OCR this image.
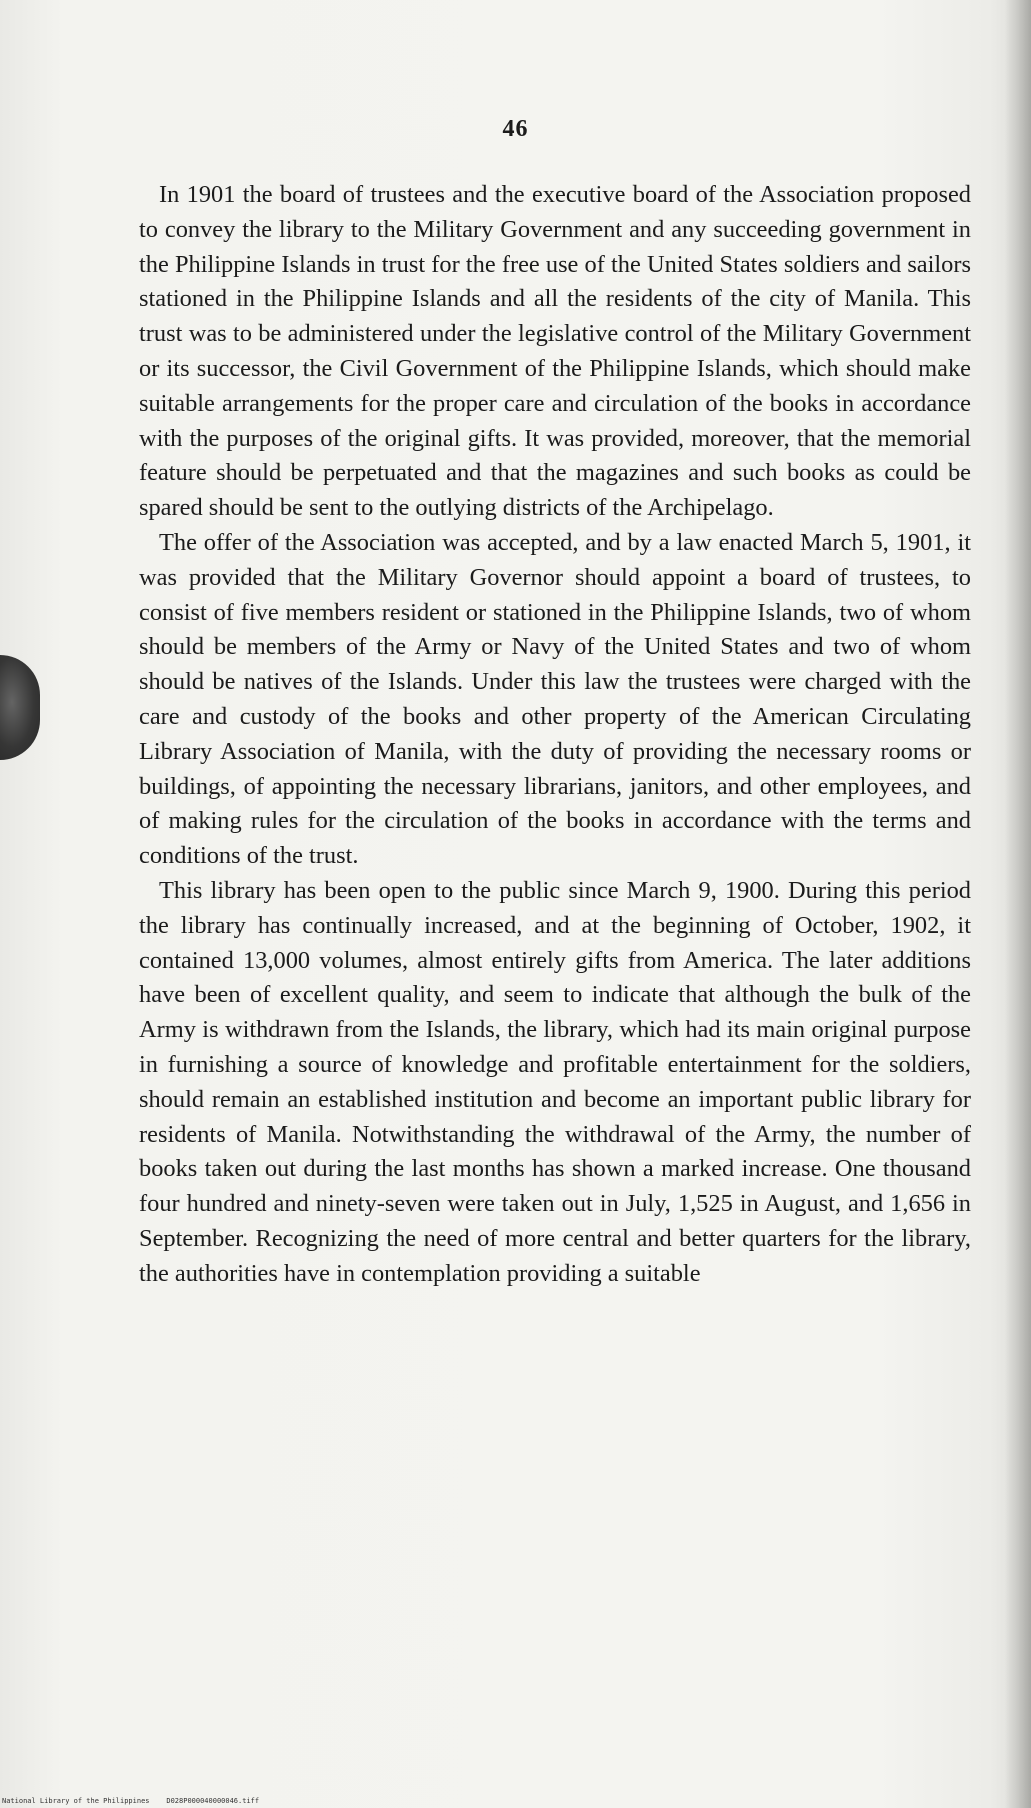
46

In 1901 the board of trustees and the executive board of the Association proposed to convey the library to the Military Government and any succeeding government in the Philippine Islands in trust for the free use of the United States soldiers and sailors stationed in the Philippine Islands and all the residents of the city of Manila. This trust was to be administered under the legislative control of the Military Government or its successor, the Civil Government of the Philippine Islands, which should make suitable arrangements for the proper care and circulation of the books in accordance with the purposes of the original gifts. It was provided, moreover, that the memorial feature should be perpetuated and that the magazines and such books as could be spared should be sent to the outlying districts of the Archipelago.

The offer of the Association was accepted, and by a law enacted March 5, 1901, it was provided that the Military Governor should appoint a board of trustees, to consist of five members resident or stationed in the Philippine Islands, two of whom should be members of the Army or Navy of the United States and two of whom should be natives of the Islands. Under this law the trustees were charged with the care and custody of the books and other property of the American Circulating Library Association of Manila, with the duty of providing the necessary rooms or buildings, of appointing the necessary librarians, janitors, and other employees, and of making rules for the circulation of the books in accordance with the terms and conditions of the trust.

This library has been open to the public since March 9, 1900. During this period the library has continually increased, and at the beginning of October, 1902, it contained 13,000 volumes, almost entirely gifts from America. The later additions have been of excellent quality, and seem to indicate that although the bulk of the Army is withdrawn from the Islands, the library, which had its main original purpose in furnishing a source of knowledge and profitable entertainment for the soldiers, should remain an established institution and become an important public library for residents of Manila. Notwithstanding the withdrawal of the Army, the number of books taken out during the last months has shown a marked increase. One thousand four hundred and ninety-seven were taken out in July, 1,525 in August, and 1,656 in September. Recognizing the need of more central and better quarters for the library, the authorities have in contemplation providing a suitable

National Library of the Philippines D028P000040000046.tiff
